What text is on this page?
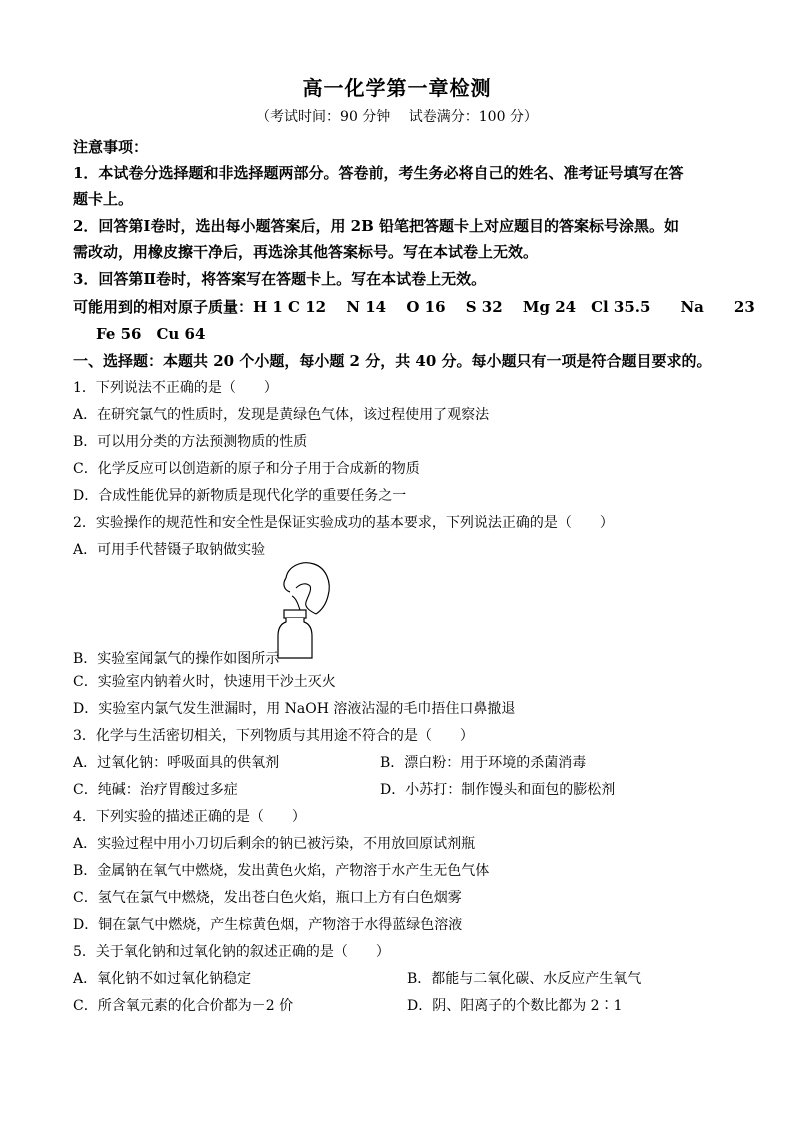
高一化学第一章检测
（考试时间：90 分钟　 试卷满分：100 分）
注意事项：
1．本试卷分选择题和非选择题两部分。答卷前，考生务必将自己的姓名、准考证号填写在答
题卡上。
2．回答第Ⅰ卷时，选出每小题答案后，用 2B 铅笔把答题卡上对应题目的答案标号涂黑。如
需改动，用橡皮擦干净后，再选涂其他答案标号。写在本试卷上无效。
3．回答第Ⅱ卷时，将答案写在答题卡上。写在本试卷上无效。
可能用到的相对原子质量：H 1 C 12　 N 14　 O 16　 S 32　 Mg 24　Cl 35.5　　Na　　23
Fe 56　Cu 64
一、选择题：本题共 20 个小题，每小题 2 分，共 40 分。每小题只有一项是符合题目要求的。
1．下列说法不正确的是（　　）
A．在研究氯气的性质时，发现是黄绿色气体，该过程使用了观察法
B．可以用分类的方法预测物质的性质
C．化学反应可以创造新的原子和分子用于合成新的物质
D．合成性能优异的新物质是现代化学的重要任务之一
2．实验操作的规范性和安全性是保证实验成功的基本要求，下列说法正确的是（　　）
A．可用手代替镊子取钠做实验
B．实验室闻氯气的操作如图所示
C．实验室内钠着火时，快速用干沙土灭火
D．实验室内氯气发生泄漏时，用 NaOH 溶液沾湿的毛巾捂住口鼻撤退
3．化学与生活密切相关，下列物质与其用途不符合的是（　　）
A．过氧化钠：呼吸面具的供氧剂	B．漂白粉：用于环境的杀菌消毒
C．纯碱：治疗胃酸过多症	D．小苏打：制作馒头和面包的膨松剂
4．下列实验的描述正确的是（　　）
A．实验过程中用小刀切后剩余的钠已被污染，不用放回原试剂瓶
B．金属钠在氧气中燃烧，发出黄色火焰，产物溶于水产生无色气体
C．氢气在氯气中燃烧，发出苍白色火焰，瓶口上方有白色烟雾
D．铜在氯气中燃烧，产生棕黄色烟，产物溶于水得蓝绿色溶液
5．关于氧化钠和过氧化钠的叙述正确的是（　　）
A．氧化钠不如过氧化钠稳定	B．都能与二氧化碳、水反应产生氧气
C．所含氧元素的化合价都为－2 价	D．阴、阳离子的个数比都为 2∶1
